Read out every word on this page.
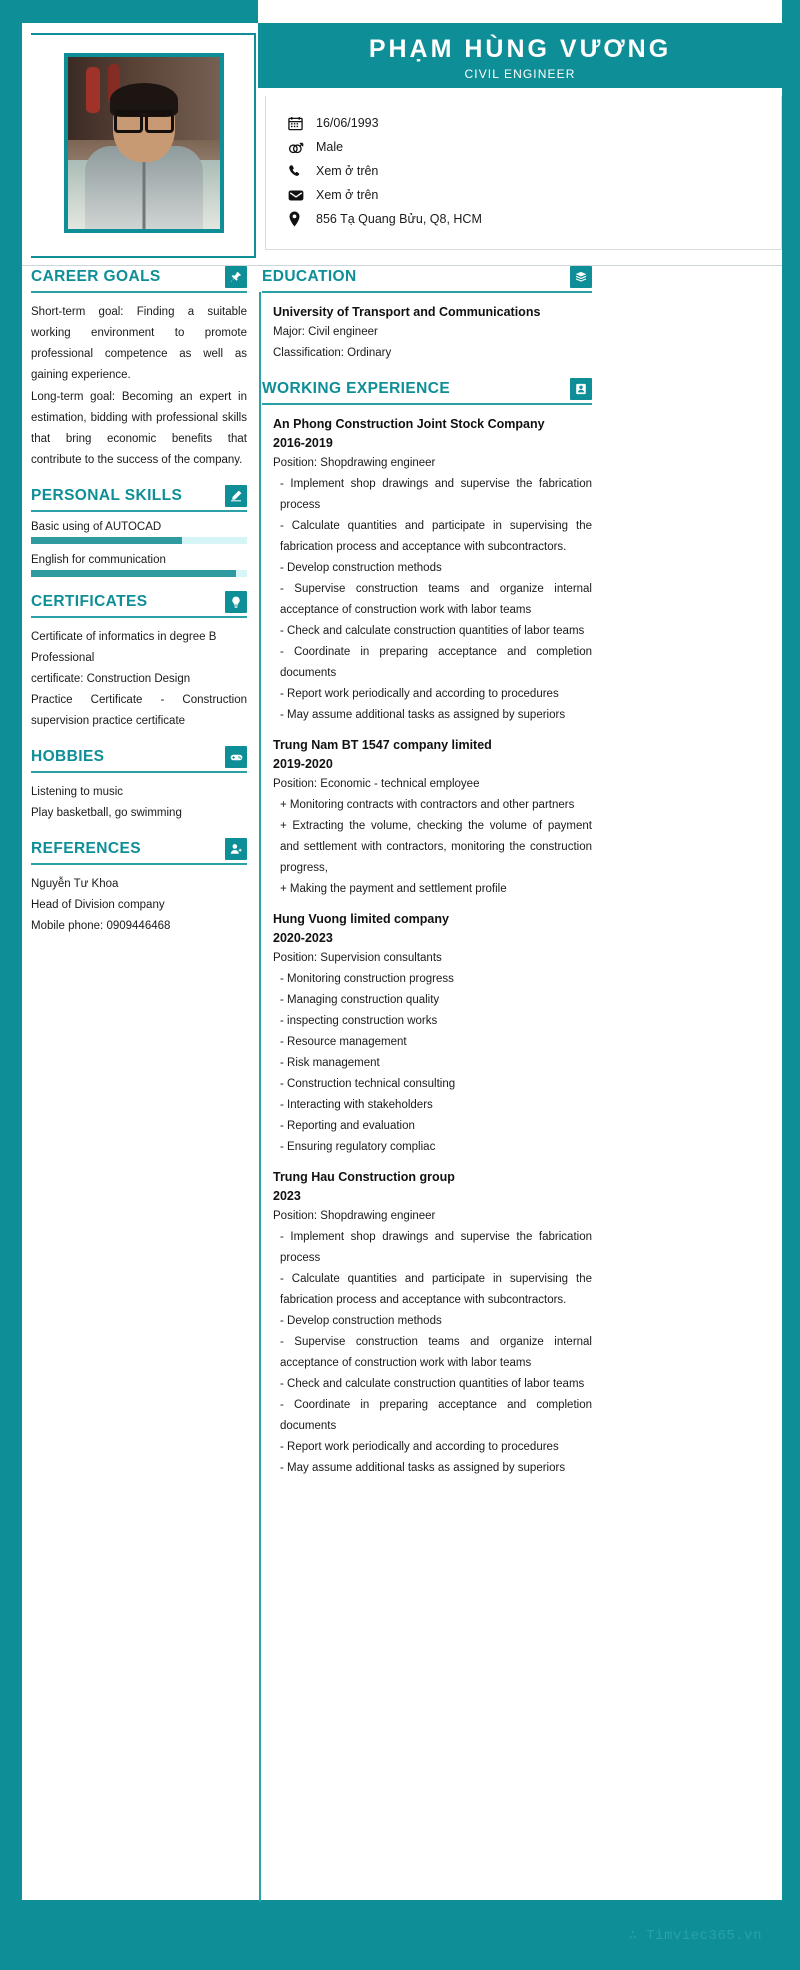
∴ Timviec365.vn
PHẠM HÙNG VƯƠNG
CIVIL ENGINEER
16/06/1993
Male
Xem ở trên
Xem ở trên
856 Tạ Quang Bửu, Q8, HCM
CAREER GOALS

Short-term goal: Finding a suitable working environment to promote professional competence as well as gaining experience.

Long-term goal: Becoming an expert in estimation, bidding with professional skills that bring economic benefits that contribute to the success of the company.

PERSONAL SKILLS
Basic using of AUTOCAD
English for communication
CERTIFICATES
Certificate of informatics in degree B
Professional
certificate: Construction Design
Practice Certificate - Construction supervision practice certificate
HOBBIES
Listening to music
Play basketball, go swimming
REFERENCES
Nguyễn Tư Khoa
Head of Division company
Mobile phone: 0909446468
EDUCATION
University of Transport and Communications
Major: Civil engineer
Classification: Ordinary
WORKING EXPERIENCE
An Phong Construction Joint Stock Company
2016-2019
Position: Shopdrawing engineer
- Implement shop drawings and supervise the fabrication process
- Calculate quantities and participate in supervising the fabrication process and acceptance with subcontractors.
- Develop construction methods
- Supervise construction teams and organize internal acceptance of construction work with labor teams
- Check and calculate construction quantities of labor teams
- Coordinate in preparing acceptance and completion documents
- Report work periodically and according to procedures
- May assume additional tasks as assigned by superiors
Trung Nam BT 1547 company limited
2019-2020
Position: Economic - technical employee
+ Monitoring contracts with contractors and other partners
+ Extracting the volume, checking the volume of payment and settlement with contractors, monitoring the construction progress,
+ Making the payment and settlement profile
Hung Vuong limited company
2020-2023
Position: Supervision consultants
- Monitoring construction progress
- Managing construction quality
- inspecting construction works
- Resource management
- Risk management
- Construction technical consulting
- Interacting with stakeholders
- Reporting and evaluation
- Ensuring regulatory compliac
Trung Hau Construction group
2023
Position: Shopdrawing engineer
- Implement shop drawings and supervise the fabrication process
- Calculate quantities and participate in supervising the fabrication process and acceptance with subcontractors.
- Develop construction methods
- Supervise construction teams and organize internal acceptance of construction work with labor teams
- Check and calculate construction quantities of labor teams
- Coordinate in preparing acceptance and completion documents
- Report work periodically and according to procedures
- May assume additional tasks as assigned by superiors
